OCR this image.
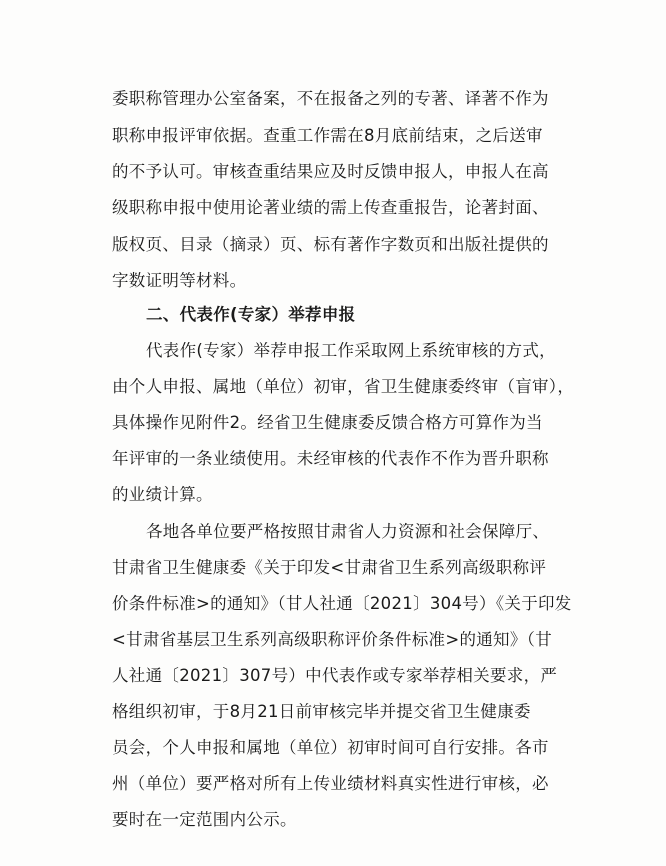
委职称管理办公室备案，不在报备之列的专著、译著不作为
职称申报评审依据。查重工作需在8月底前结束，之后送审
的不予认可。审核查重结果应及时反馈申报人，申报人在高
级职称申报中使用论著业绩的需上传查重报告，论著封面、
版权页、目录（摘录）页、标有著作字数页和出版社提供的
字数证明等材料。
二、代表作(专家）举荐申报
代表作(专家）举荐申报工作采取网上系统审核的方式，
由个人申报、属地（单位）初审，省卫生健康委终审（盲审），
具体操作见附件2。经省卫生健康委反馈合格方可算作为当
年评审的一条业绩使用。未经审核的代表作不作为晋升职称
的业绩计算。
各地各单位要严格按照甘肃省人力资源和社会保障厅、
甘肃省卫生健康委《关于印发<甘肃省卫生系列高级职称评
价条件标准>的通知》（甘人社通〔2021〕304号）《关于印发
<甘肃省基层卫生系列高级职称评价条件标准>的通知》（甘
人社通〔2021〕307号）中代表作或专家举荐相关要求，严
格组织初审，于8月21日前审核完毕并提交省卫生健康委
员会，个人申报和属地（单位）初审时间可自行安排。各市
州（单位）要严格对所有上传业绩材料真实性进行审核，必
要时在一定范围内公示。
